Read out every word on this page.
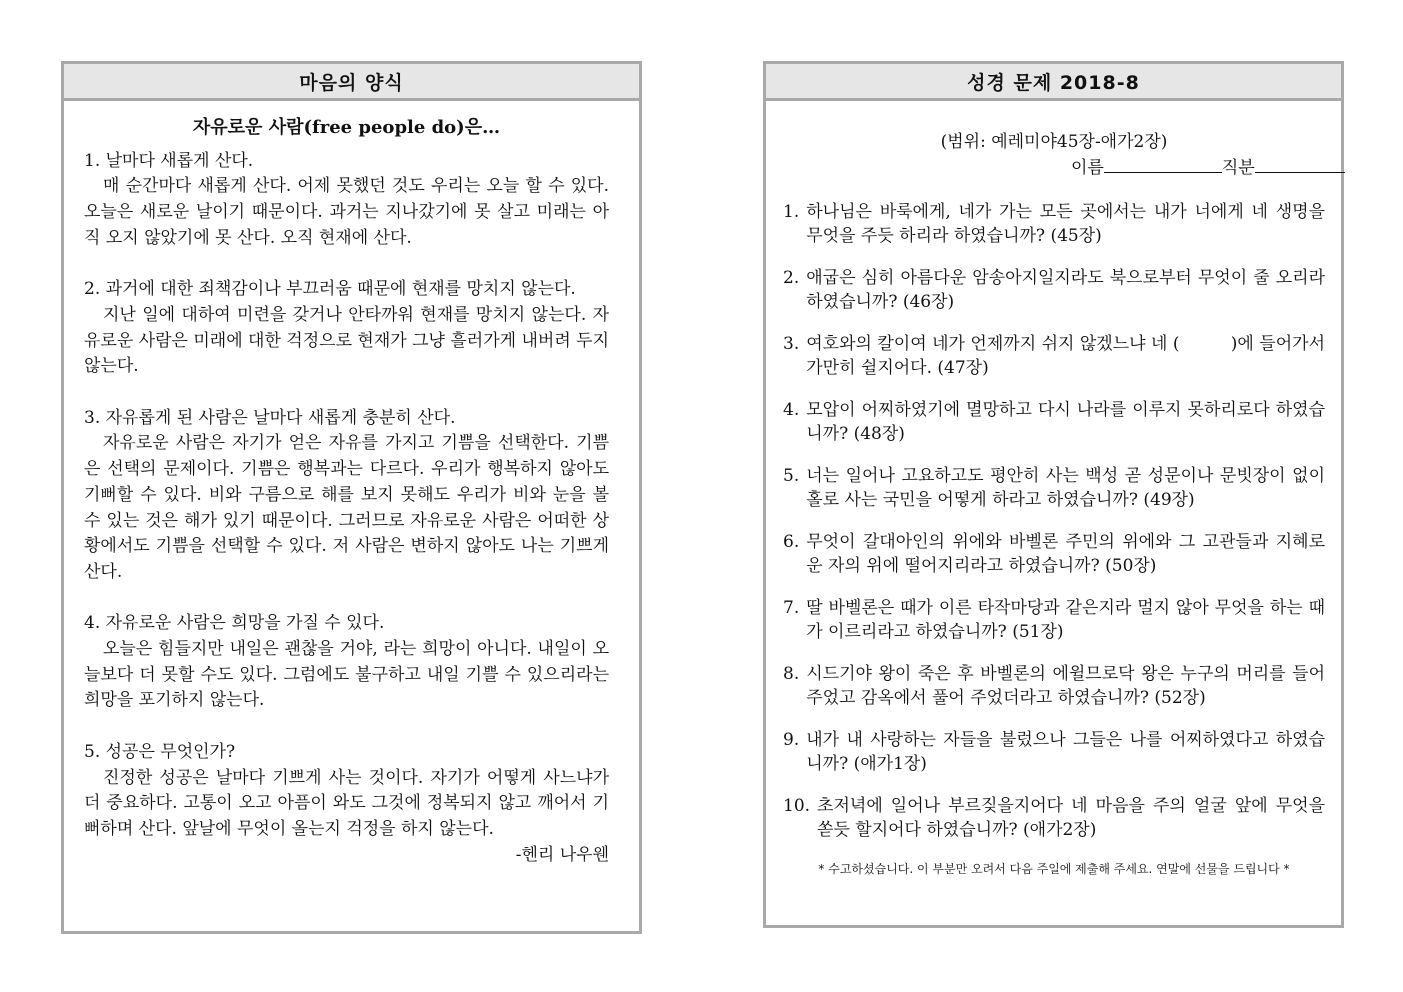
마음의 양식

자유로운 사람(free people do)은…

1. 날마다 새롭게 산다.

매 순간마다 새롭게 산다. 어제 못했던 것도 우리는 오늘 할 수 있다. 오늘은 새로운 날이기 때문이다. 과거는 지나갔기에 못 살고 미래는 아직 오지 않았기에 못 산다. 오직 현재에 산다.

2. 과거에 대한 죄책감이나 부끄러움 때문에 현재를 망치지 않는다.

지난 일에 대하여 미련을 갖거나 안타까워 현재를 망치지 않는다. 자유로운 사람은 미래에 대한 걱정으로 현재가 그냥 흘러가게 내버려 두지 않는다.

3. 자유롭게 된 사람은 날마다 새롭게 충분히 산다.

자유로운 사람은 자기가 얻은 자유를 가지고 기쁨을 선택한다. 기쁨은 선택의 문제이다. 기쁨은 행복과는 다르다. 우리가 행복하지 않아도 기뻐할 수 있다. 비와 구름으로 해를 보지 못해도 우리가 비와 눈을 볼 수 있는 것은 해가 있기 때문이다. 그러므로 자유로운 사람은 어떠한 상황에서도 기쁨을 선택할 수 있다. 저 사람은 변하지 않아도 나는 기쁘게 산다.

4. 자유로운 사람은 희망을 가질 수 있다.

오늘은 힘들지만 내일은 괜찮을 거야, 라는 희망이 아니다. 내일이 오늘보다 더 못할 수도 있다. 그럼에도 불구하고 내일 기쁠 수 있으리라는 희망을 포기하지 않는다.

5. 성공은 무엇인가?

진정한 성공은 날마다 기쁘게 사는 것이다. 자기가 어떻게 사느냐가 더 중요하다. 고통이 오고 아픔이 와도 그것에 정복되지 않고 깨어서 기뻐하며 산다. 앞날에 무엇이 올는지 걱정을 하지 않는다.

-헨리 나우웬

성경 문제 2018-8

(범위: 예레미야45장-애가2장)

이름	직분

1. 하나님은 바룩에게, 네가 가는 모든 곳에서는 내가 너에게 네 생명을 무엇을 주듯 하리라 하였습니까? (45장)
2. 애굽은 심히 아름다운 암송아지일지라도 북으로부터 무엇이 줄 오리라 하였습니까? (46장)
3. 여호와의 칼이여 네가 언제까지 쉬지 않겠느냐 네 (　　　)에 들어가서 가만히 쉴지어다. (47장)
4. 모압이 어찌하였기에 멸망하고 다시 나라를 이루지 못하리로다 하였습니까? (48장)
5. 너는 일어나 고요하고도 평안히 사는 백성 곧 성문이나 문빗장이 없이 홀로 사는 국민을 어떻게 하라고 하였습니까? (49장)
6. 무엇이 갈대아인의 위에와 바벨론 주민의 위에와 그 고관들과 지혜로운 자의 위에 떨어지리라고 하였습니까? (50장)
7. 딸 바벨론은 때가 이른 타작마당과 같은지라 멀지 않아 무엇을 하는 때가 이르리라고 하였습니까? (51장)
8. 시드기야 왕이 죽은 후 바벨론의 에윌므로닥 왕은 누구의 머리를 들어 주었고 감옥에서 풀어 주었더라고 하였습니까? (52장)
9. 내가 내 사랑하는 자들을 불렀으나 그들은 나를 어찌하였다고 하였습니까? (애가1장)
10. 초저녁에 일어나 부르짖을지어다 네 마음을 주의 얼굴 앞에 무엇을 쏟듯 할지어다 하였습니까? (애가2장)
* 수고하셨습니다. 이 부분만 오려서 다음 주일에 제출해 주세요. 연말에 선물을 드립니다 *
